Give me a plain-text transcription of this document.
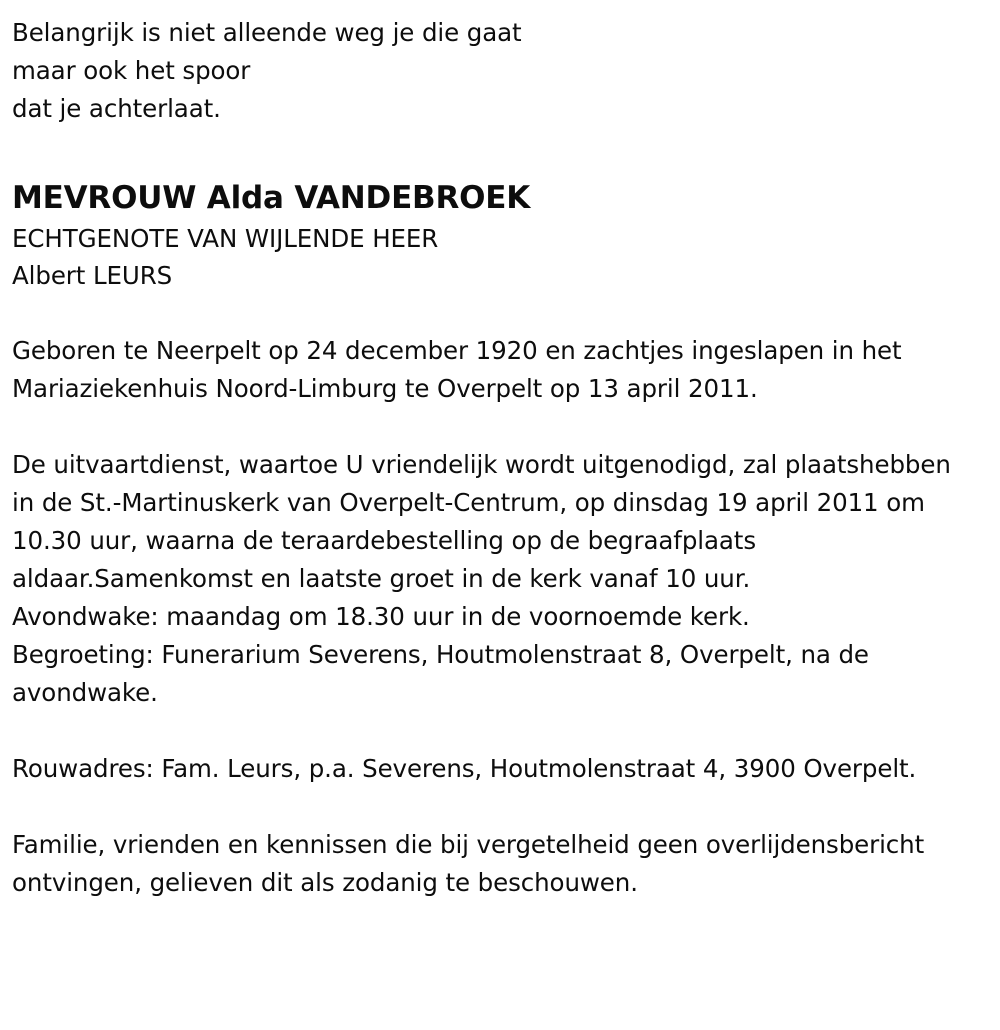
Belangrijk is niet alleende weg je die gaat
maar ook het spoor
dat je achterlaat.
MEVROUW Alda VANDEBROEK
ECHTGENOTE VAN WIJLENDE HEER
Albert LEURS

Geboren te Neerpelt op 24 december 1920 en zachtjes ingeslapen in het Mariaziekenhuis Noord-Limburg te Overpelt op 13 april 2011.

De uitvaartdienst, waartoe U vriendelijk wordt uitgenodigd, zal plaatshebben in de St.-Martinuskerk van Overpelt-Centrum, op dinsdag 19 april 2011 om 10.30 uur, waarna de teraardebestelling op de begraafplaats aldaar.Samenkomst en laatste groet in de kerk vanaf 10 uur.

Avondwake: maandag om 18.30 uur in de voornoemde kerk.

Begroeting: Funerarium Severens, Houtmolenstraat 8, Overpelt, na de avondwake.

Rouwadres: Fam. Leurs, p.a. Severens, Houtmolenstraat 4, 3900 Overpelt.

Familie, vrienden en kennissen die bij vergetelheid geen overlijdensbericht ontvingen, gelieven dit als zodanig te beschouwen.
